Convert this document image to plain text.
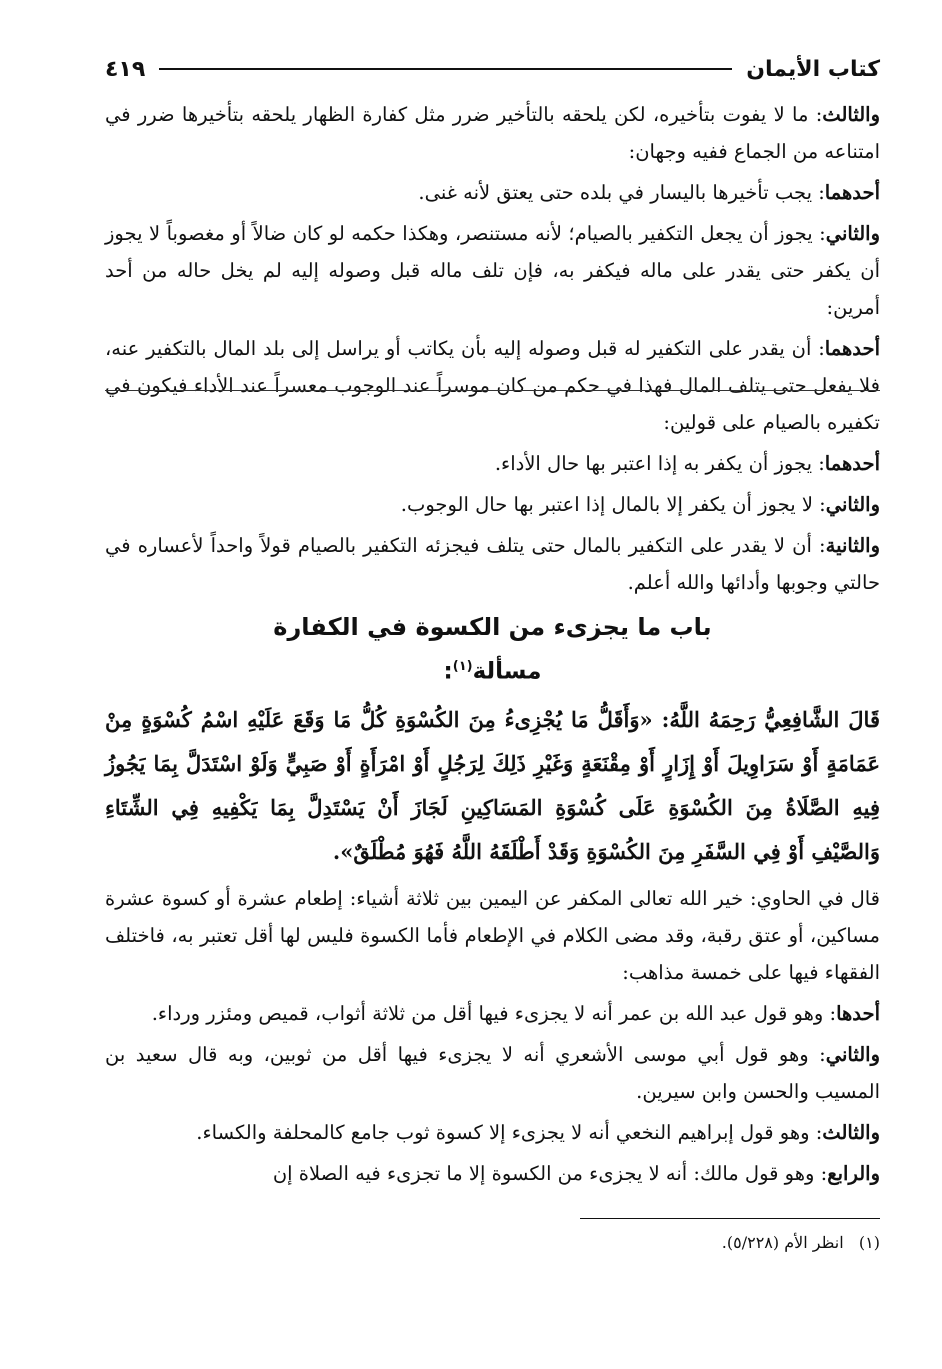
كتاب الأيمان
٤١٩

والثالث: ما لا يفوت بتأخيره، لكن يلحقه بالتأخير ضرر مثل كفارة الظهار يلحقه بتأخيرها ضرر في امتناعه من الجماع ففيه وجهان:

أحدهما: يجب تأخيرها باليسار في بلده حتى يعتق لأنه غنى.

والثاني: يجوز أن يجعل التكفير بالصيام؛ لأنه مستنصر، وهكذا حكمه لو كان ضالاً أو مغصوباً لا يجوز أن يكفر حتى يقدر على ماله فيكفر به، فإن تلف ماله قبل وصوله إليه لم يخل حاله من أحد أمرين:

أحدهما: أن يقدر على التكفير له قبل وصوله إليه بأن يكاتب أو يراسل إلى بلد المال بالتكفير عنه، فلا يفعل حتى يتلف المال فهذا في حكم من كان موسراً عند الوجوب معسراً عند الأداء فيكون في تكفيره بالصيام على قولين:

أحدهما: يجوز أن يكفر به إذا اعتبر بها حال الأداء.

والثاني: لا يجوز أن يكفر إلا بالمال إذا اعتبر بها حال الوجوب.

والثانية: أن لا يقدر على التكفير بالمال حتى يتلف فيجزئه التكفير بالصيام قولاً واحداً لأعساره في حالتي وجوبها وأدائها والله أعلم.

باب ما يجزىء من الكسوة في الكفارة
مسألة$^{(١)}$:

قَالَ الشَّافِعِيُّ رَحِمَهُ اللَّهُ: «وَأَقَلُّ مَا يُجْزِىءُ مِنَ الكُسْوَةِ كُلُّ مَا وَقَعَ عَلَيْهِ اسْمُ كُسْوَةٍ مِنْ عَمَامَةٍ أَوْ سَرَاوِيلَ أَوْ إِزَارٍ أَوْ مِقْنَعَةٍ وَغَيْرِ ذَلِكَ لِرَجُلٍ أَوْ امْرَأَةٍ أَوْ صَبِيٍّ وَلَوْ اسْتَدَلَّ بِمَا يَجُوزُ فِيهِ الصَّلَاةُ مِنَ الكُسْوَةِ عَلَى كُسْوَةِ المَسَاكِينِ لَجَازَ أَنْ يَسْتَدِلَّ بِمَا يَكْفِيهِ فِي الشِّتَاءِ وَالصَّيْفِ أَوْ فِي السَّفَرِ مِنَ الكُسْوَةِ وَقَدْ أَطْلَقَهُ اللَّهُ فَهُوَ مُطْلَقٌ».

قال في الحاوي: خير الله تعالى المكفر عن اليمين بين ثلاثة أشياء: إطعام عشرة أو كسوة عشرة مساكين، أو عتق رقبة، وقد مضى الكلام في الإطعام فأما الكسوة فليس لها أقل تعتبر به، فاختلف الفقهاء فيها على خمسة مذاهب:

أحدها: وهو قول عبد الله بن عمر أنه لا يجزىء فيها أقل من ثلاثة أثواب، قميص ومئزر ورداء.

والثاني: وهو قول أبي موسى الأشعري أنه لا يجزىء فيها أقل من ثوبين، وبه قال سعيد بن المسيب والحسن وابن سيرين.

والثالث: وهو قول إبراهيم النخعي أنه لا يجزىء إلا كسوة ثوب جامع كالمحلفة والكساء.

والرابع: وهو قول مالك: أنه لا يجزىء من الكسوة إلا ما تجزىء فيه الصلاة إن

(١)   انظر الأم (٥/٢٢٨).
